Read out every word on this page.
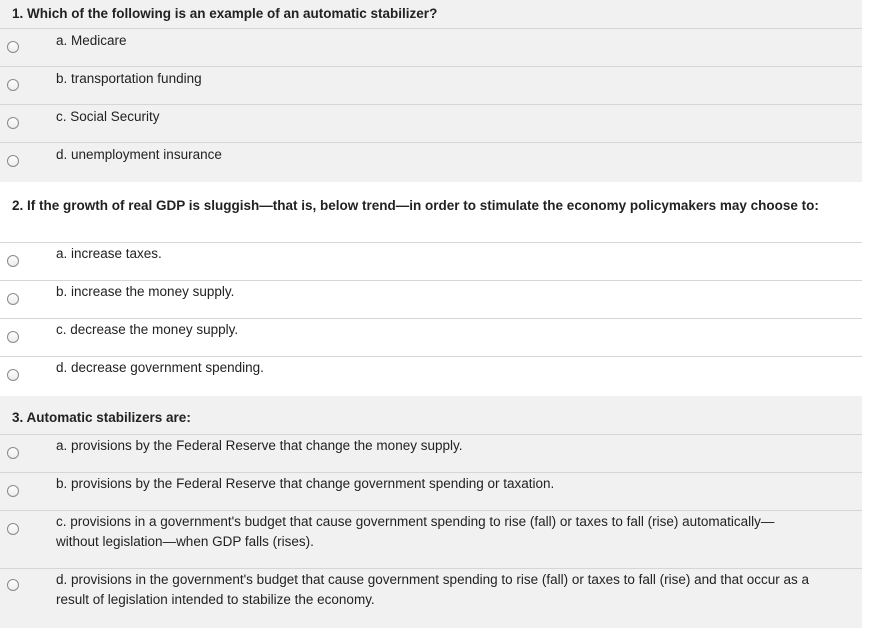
1. Which of the following is an example of an automatic stabilizer?
a. Medicare
b. transportation funding
c. Social Security
d. unemployment insurance
2. If the growth of real GDP is sluggish—that is, below trend—in order to stimulate the economy policymakers may choose to:
a. increase taxes.
b. increase the money supply.
c. decrease the money supply.
d. decrease government spending.
3. Automatic stabilizers are:
a. provisions by the Federal Reserve that change the money supply.
b. provisions by the Federal Reserve that change government spending or taxation.
c. provisions in a government's budget that cause government spending to rise (fall) or taxes to fall (rise) automatically—without legislation—when GDP falls (rises).
d. provisions in the government's budget that cause government spending to rise (fall) or taxes to fall (rise) and that occur as a result of legislation intended to stabilize the economy.
